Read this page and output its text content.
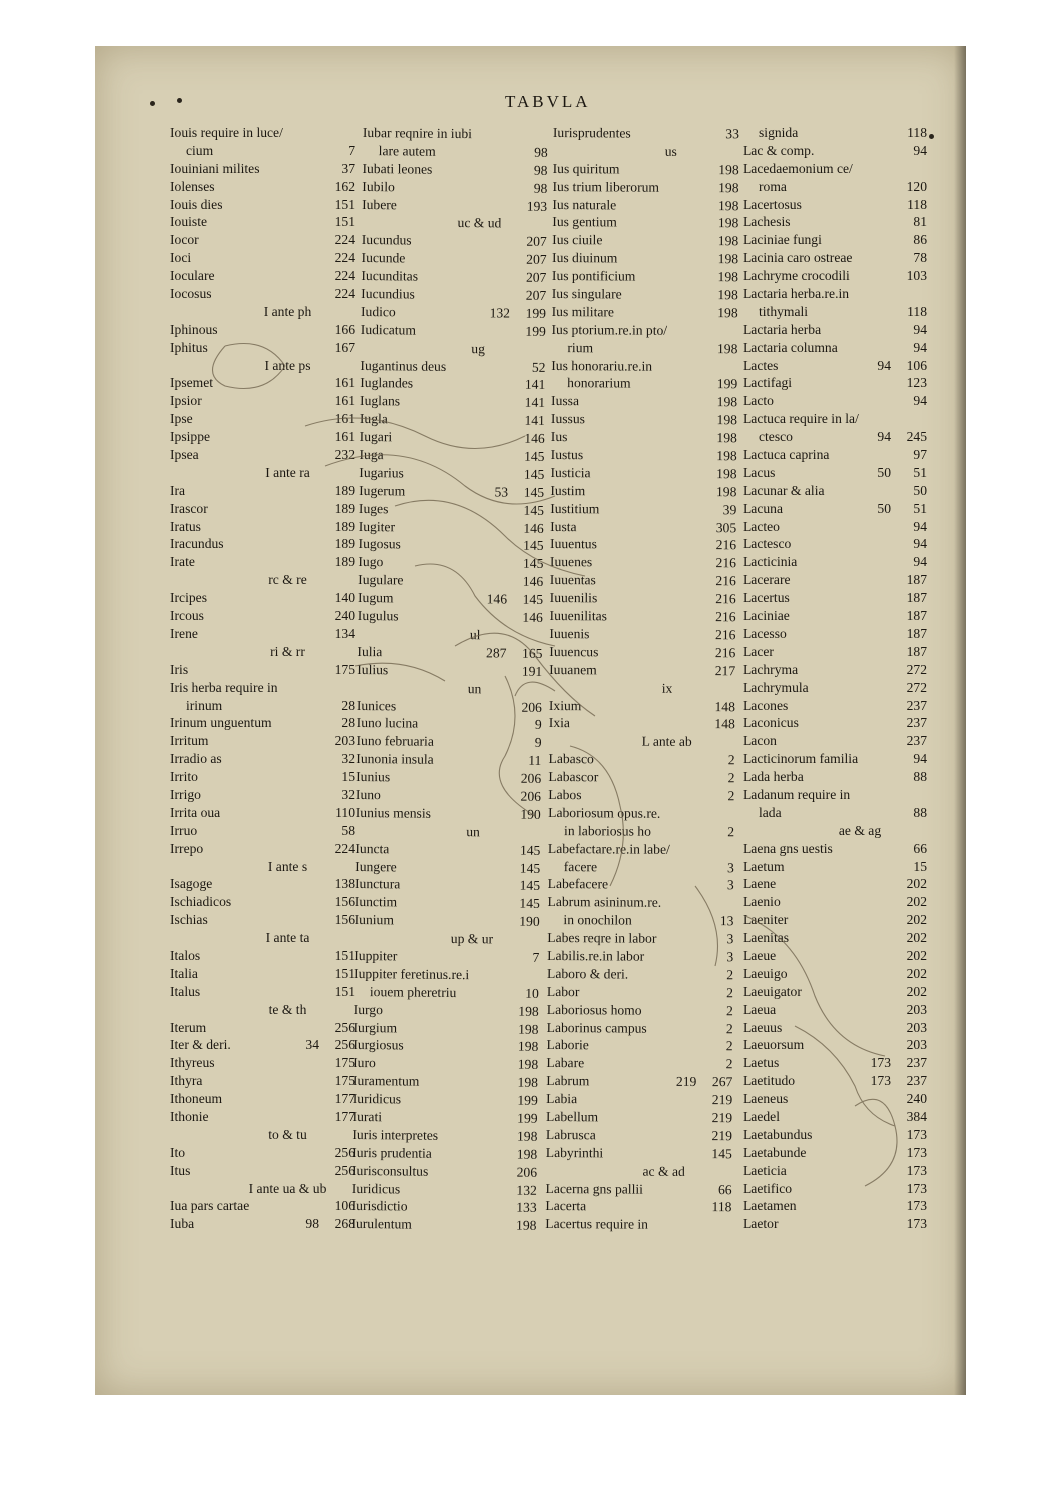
TABVLA
Iouis require in luce/
cium	7
Iouiniani milites	37
Iolenses	162
Iouis dies	151
Iouiste	151
Iocor	224
Ioci	224
Ioculare	224
Iocosus	224
I ante ph
Iphinous	166
Iphitus	167
I ante ps
Ipsemet	161
Ipsior	161
Ipse	161
Ipsippe	161
Ipsea	232
I ante ra
Ira	189
Irascor	189
Iratus	189
Iracundus	189
Irate	189
rc & re
Ircipes	140
Ircous	240
Irene	134
ri & rr
Iris	175
Iris herba require in
irinum	28
Irinum unguentum	28
Irritum	203
Irradio as	32
Irrito	15
Irrigo	32
Irrita oua	110
Irruo	58
Irrepo	224
I ante s
Isagoge	138
Ischiadicos	156
Ischias	156
I ante ta
Italos	151
Italia	151
Italus	151
te & th
Iterum	256
Iter & deri.	34	256
Ithyreus	175
Ithyra	175
Ithoneum	177
Ithonie	177
to & tu
Ito	256
Itus	256
I ante ua & ub
Iua pars cartae	106
Iuba	98	268
Iubar reqnire in iubi
lare autem	98
Iubati leones	98
Iubilo	98
Iubere	193
uc & ud
Iucundus	207
Iucunde	207
Iucunditas	207
Iucundius	207
Iudico	132	199
Iudicatum	199
ug
Iugantinus deus	52
Iuglandes	141
Iuglans	141
Iugla	141
Iugari	146
Iuga	145
Iugarius	145
Iugerum	53	145
Iuges	145
Iugiter	146
Iugosus	145
Iugo	145
Iugulare	146
Iugum	146	145
Iugulus	146
ul
Iulia	287	165
Iulius	191
un
Iunices	206
Iuno lucina	9
Iuno februaria	9
Iunonia insula	11
Iunius	206
Iuno	206
Iunius mensis	190
un
Iuncta	145
Iungere	145
Iunctura	145
Iunctim	145
Iunium	190
up & ur
Iuppiter	7
Iuppiter feretinus.re.i
iouem pheretriu	10
Iurgo	198
Iurgium	198
Iurgiosus	198
Iuro	198
Iuramentum	198
Iuridicus	199
Iurati	199
Iuris interpretes	198
Iuris prudentia	198
Iurisconsultus	206
Iuridicus	132
Iurisdictio	133
Iurulentum	198
Iurisprudentes	33
us
Ius quiritum	198
Ius trium liberorum	198
Ius naturale	198
Ius gentium	198
Ius ciuile	198
Ius diuinum	198
Ius pontificium	198
Ius singulare	198
Ius militare	198
Ius ptorium.re.in pto/
rium	198
Ius honorariu.re.in
honorarium	199
Iussa	198
Iussus	198
Ius	198
Iustus	198
Iusticia	198
Iustim	198
Iustitium	39
Iusta	305
Iuuentus	216
Iuuenes	216
Iuuentas	216
Iuuenilis	216
Iuuenilitas	216
Iuuenis	216
Iuuencus	216
Iuuanem	217
ix
Ixium	148
Ixia	148
L ante ab
Labasco	2
Labascor	2
Labos	2
Laboriosum opus.re.
in laboriosus ho	2
Labefactare.re.in labe/
facere	3
Labefacere	3
Labrum asininum.re.
in onochilon	13
Labes reqre in labor	3
Labilis.re.in labor	3
Laboro & deri.	2
Labor	2
Laboriosus homo	2
Laborinus campus	2
Laborie	2
Labare	2
Labrum	219	267
Labia	219
Labellum	219
Labrusca	219
Labyrinthi	145
ac & ad
Lacerna gns pallii	66
Lacerta	118
Lacertus require in
signida	118
Lac & comp.	94
Lacedaemonium ce/
roma	120
Lacertosus	118
Lachesis	81
Laciniae fungi	86
Lacinia caro ostreae	78
Lachryme crocodili	103
Lactaria herba.re.in
tithymali	118
Lactaria herba	94
Lactaria columna	94
Lactes	94	106
Lactifagi	123
Lacto	94
Lactuca require in la/
ctesco	94	245
Lactuca caprina	97
Lacus	50	51
Lacunar & alia	50
Lacuna	50	51
Lacteo	94
Lactesco	94
Lacticinia	94
Lacerare	187
Lacertus	187
Laciniae	187
Lacesso	187
Lacer	187
Lachryma	272
Lachrymula	272
Lacones	237
Laconicus	237
Lacon	237
Lacticinorum familia	94
Lada herba	88
Ladanum require in
lada	88
ae & ag
Laena gns uestis	66
Laetum	15
Laene	202
Laenio	202
Laeniter	202
Laenitas	202
Laeue	202
Laeuigo	202
Laeuigator	202
Laeua	203
Laeuus	203
Laeuorsum	203
Laetus	173	237
Laetitudo	173	237
Laeneus	240
Laedel	384
Laetabundus	173
Laetabunde	173
Laeticia	173
Laetifico	173
Laetamen	173
Laetor	173
